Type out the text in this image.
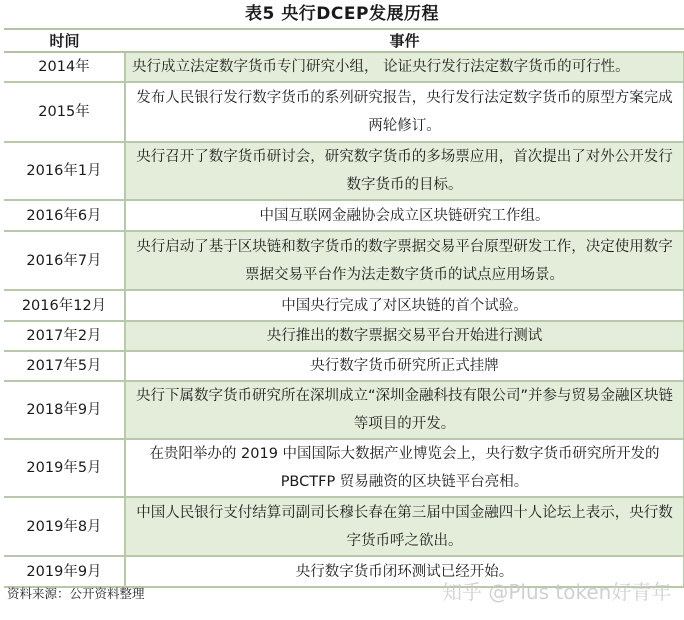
表5 央行DCEP发展历程
时间	事件
2014年	央行成立法定数字货币专门研究小组， 论证央行发行法定数字货币的可行性。
2015年	发布人民银行发行数字货币的系列研究报告，央行发行法定数字货币的原型方案完成两轮修订。
2016年1月	央行召开了数字货币研讨会，研究数字货币的多场票应用，首次提出了对外公开发行数字货币的目标。
2016年6月	中国互联网金融协会成立区块链研究工作组。
2016年7月	央行启动了基于区块链和数字货币的数字票据交易平台原型研发工作，决定使用数字票据交易平台作为法走数字货币的试点应用场景。
2016年12月	中国央行完成了对区块链的首个试验。
2017年2月	央行推出的数字票据交易平台开始进行测试
2017年5月	央行数字货币研究所正式挂牌
2018年9月	央行下属数字货币研究所在深圳成立“深圳金融科技有限公司”并参与贸易金融区块链等项目的开发。
2019年5月	在贵阳举办的 2019 中国国际大数据产业博览会上，央行数字货币研究所开发的 PBCTFP 贸易融资的区块链平台亮相。
2019年8月	中国人民银行支付结算司副司长穆长春在第三届中国金融四十人论坛上表示，央行数字货币呼之欲出。
2019年9月	央行数字货币闭环测试已经开始。
资料来源：公开资料整理	知乎 @Plus token好青年
